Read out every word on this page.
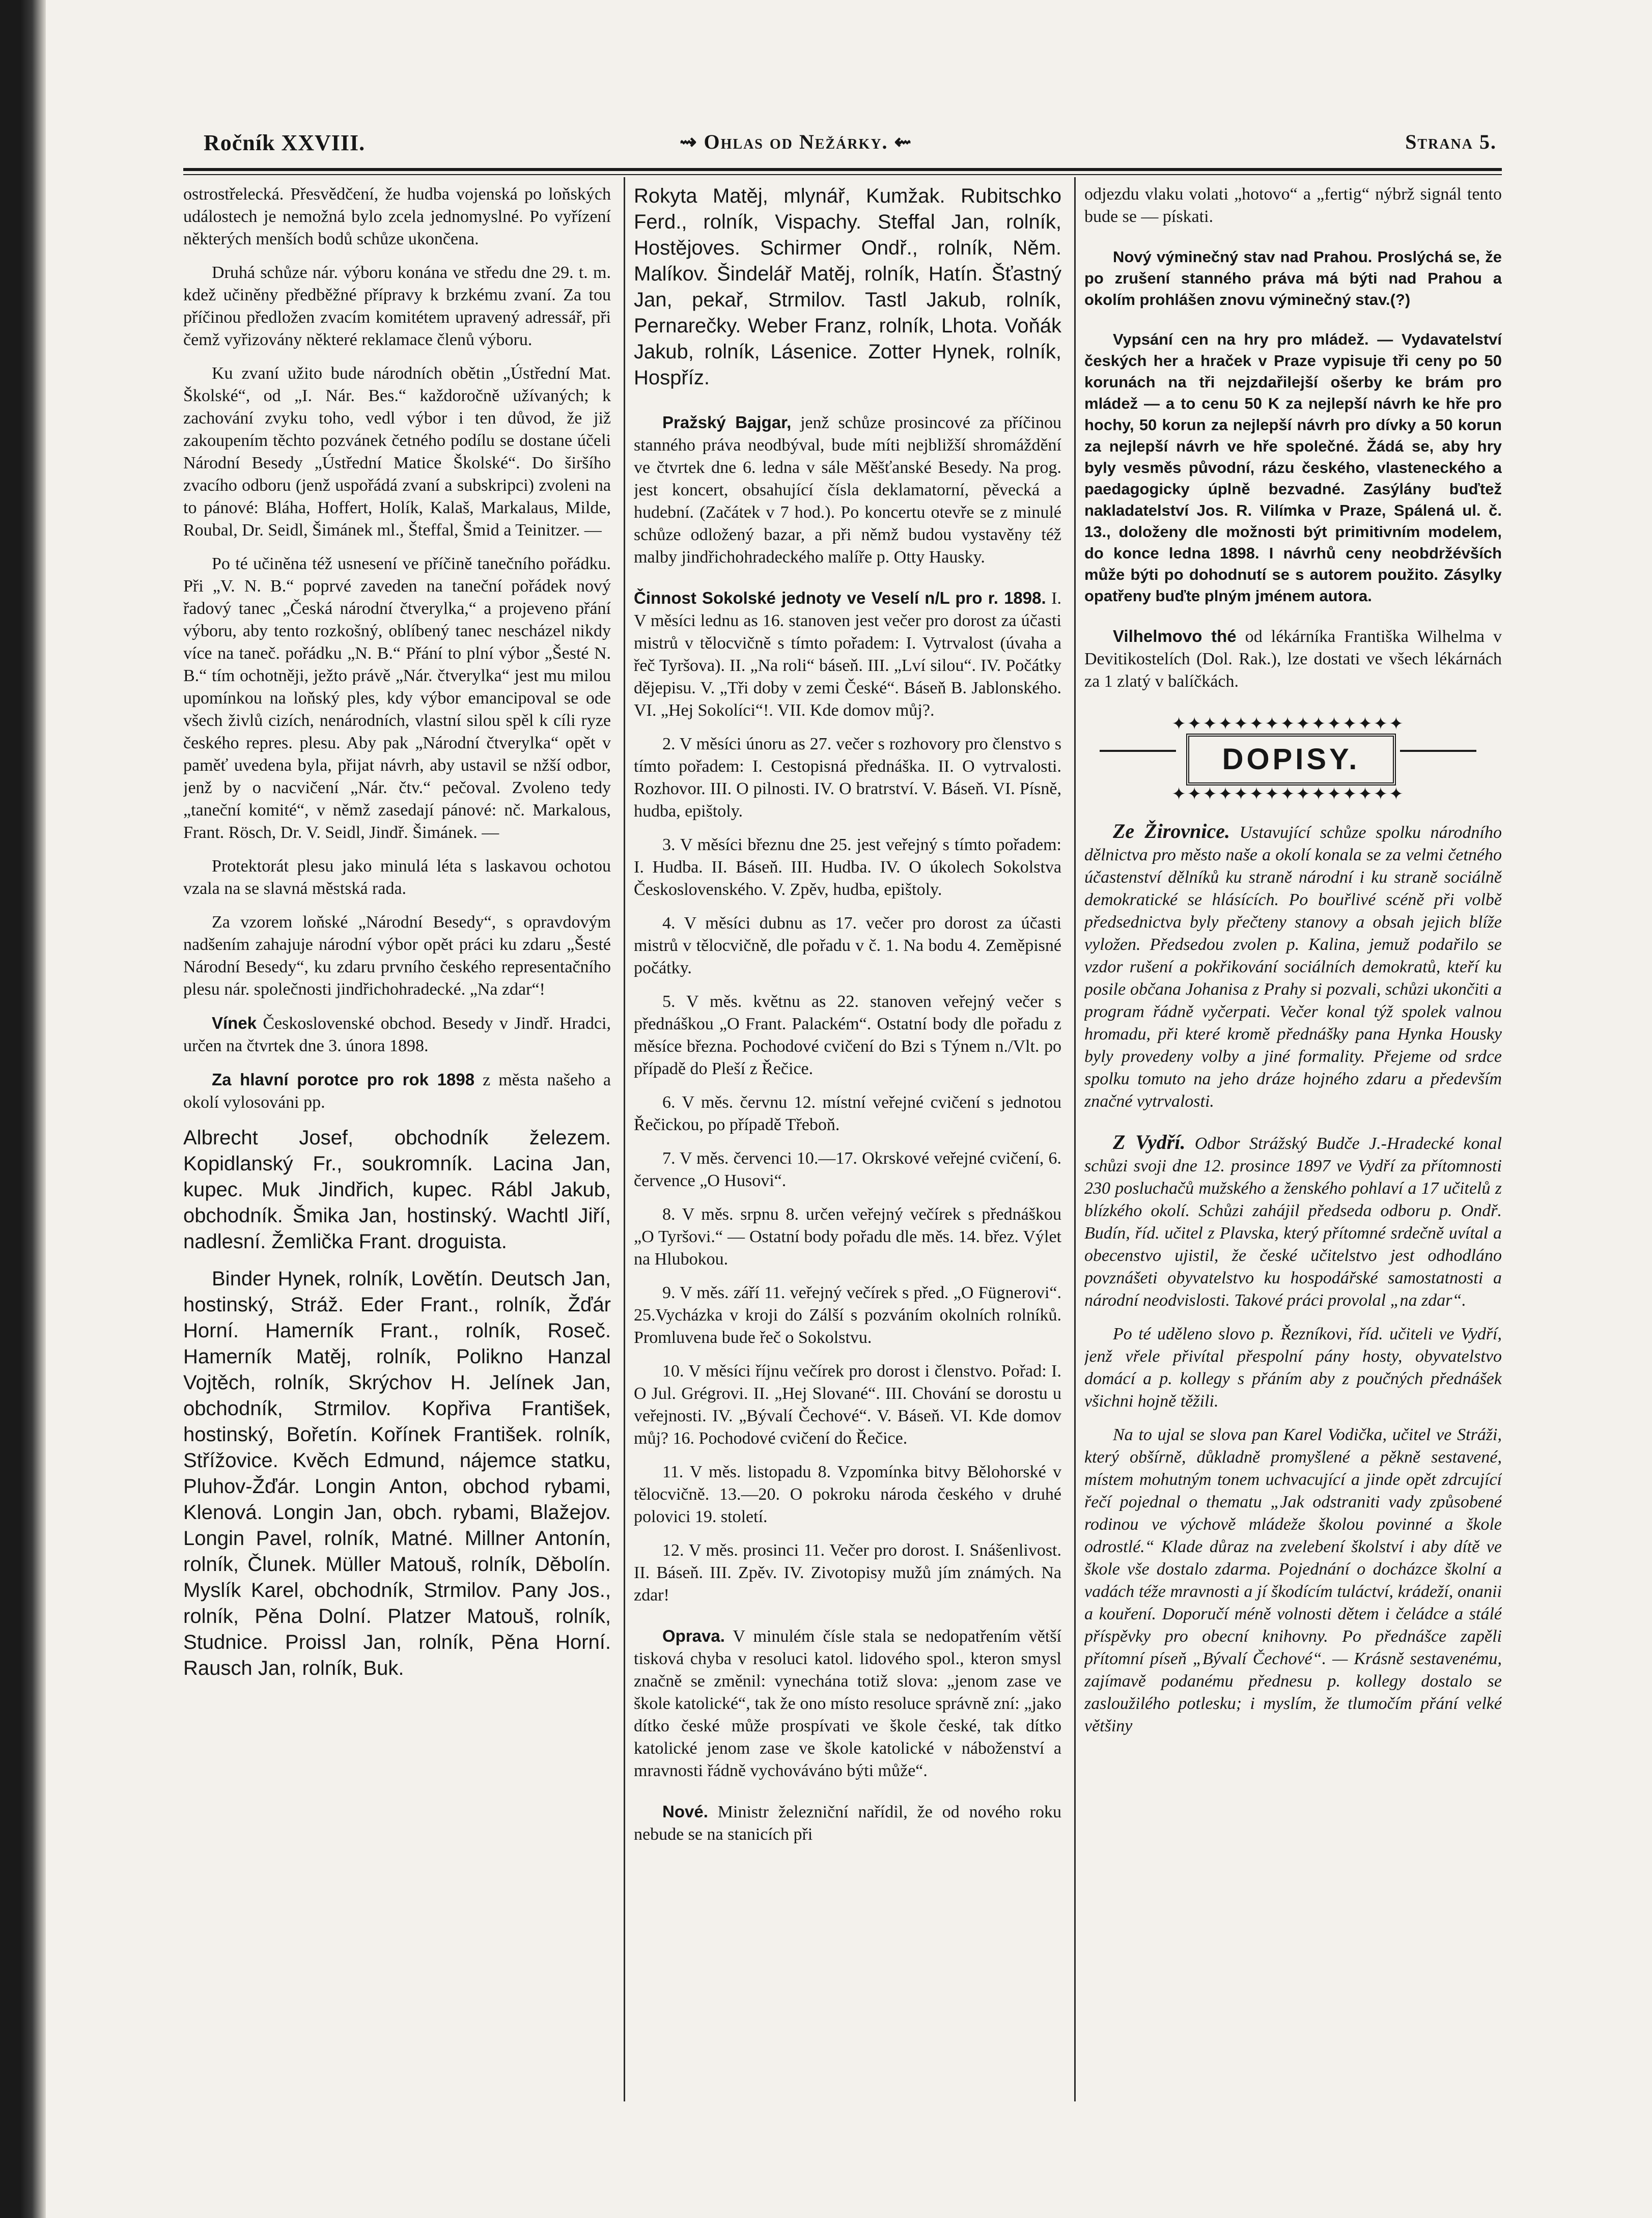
Ročník XXVIII.	⇝ Ohlas od Nežárky. ⇜	Strana 5.

ostrostřelecká. Přesvědčení, že hudba vojenská po loňských událostech je nemožná bylo zcela jednomyslné. Po vyřízení některých menších bodů schůze ukončena.

Druhá schůze nár. výboru konána ve středu dne 29. t. m. kdež učiněny předběžné přípravy k brzkému zvaní. Za tou příčinou předložen zvacím komitétem upravený adressář, při čemž vyřizovány některé reklamace členů výboru.

Ku zvaní užito bude národních obětin „Ústřední Mat. Školské“, od „I. Nár. Bes.“ každoročně užívaných; k zachování zvyku toho, vedl výbor i ten důvod, že již zakoupením těchto pozvánek četného podílu se dostane účeli Národní Besedy „Ústřední Matice Školské“. Do širšího zvacího odboru (jenž uspořádá zvaní a subskripci) zvoleni na to pánové: Bláha, Hoffert, Holík, Kalaš, Markalaus, Milde, Roubal, Dr. Seidl, Šimánek ml., Šteffal, Šmid a Teinitzer. —

Po té učiněna též usnesení ve příčině tanečního pořádku. Při „V. N. B.“ poprvé zaveden na taneční pořádek nový řadový tanec „Česká národní čtverylka,“ a projeveno přání výboru, aby tento rozkošný, oblíbený tanec nescházel nikdy více na taneč. pořádku „N. B.“ Přání to plní výbor „Šesté N. B.“ tím ochotněji, ježto právě „Nár. čtverylka“ jest mu milou upomínkou na loňský ples, kdy výbor emancipoval se ode všech živlů cizích, nenárodních, vlastní silou spěl k cíli ryze českého repres. plesu. Aby pak „Národní čtverylka“ opět v paměť uvedena byla, přijat návrh, aby ustavil se nžší odbor, jenž by o nacvičení „Nár. čtv.“ pečoval. Zvoleno tedy „taneční komité“, v němž zasedají pánové: nč. Markalous, Frant. Rösch, Dr. V. Seidl, Jindř. Šimánek. —

Protektorát plesu jako minulá léta s laskavou ochotou vzala na se slavná městská rada.

Za vzorem loňské „Národní Besedy“, s opravdovým nadšením zahajuje národní výbor opět práci ku zdaru „Šesté Národní Besedy“, ku zdaru prvního českého representačního plesu nár. společnosti jindřichohradecké. „Na zdar“!

Vínek Československé obchod. Besedy v Jindř. Hradci, určen na čtvrtek dne 3. února 1898.

Za hlavní porotce pro rok 1898 z města našeho a okolí vylosováni pp.

Albrecht Josef, obchodník železem. Kopidlanský Fr., soukromník. Lacina Jan, kupec. Muk Jindřich, kupec. Rábl Jakub, obchodník. Šmika Jan, hostinský. Wachtl Jiří, nadlesní. Žemlička Frant. droguista.

Binder Hynek, rolník, Lovětín. Deutsch Jan, hostinský, Stráž. Eder Frant., rolník, Žďár Horní. Hamerník Frant., rolník, Roseč. Hamerník Matěj, rolník, Polikno Hanzal Vojtěch, rolník, Skrýchov H. Jelínek Jan, obchodník, Strmilov. Kopřiva František, hostinský, Bořetín. Kořínek František. rolník, Střížovice. Kvěch Edmund, nájemce statku, Pluhov-Žďár. Longin Anton, obchod rybami, Klenová. Longin Jan, obch. rybami, Blažejov. Longin Pavel, rolník, Matné. Millner Antonín, rolník, Člunek. Müller Matouš, rolník, Děbolín. Myslík Karel, obchodník, Strmilov. Pany Jos., rolník, Pěna Dolní. Platzer Matouš, rolník, Studnice. Proissl Jan, rolník, Pěna Horní. Rausch Jan, rolník, Buk.

Rokyta Matěj, mlynář, Kumžak. Rubitschko Ferd., rolník, Vispachy. Steffal Jan, rolník, Hostějoves. Schirmer Ondř., rolník, Něm. Malíkov. Šindelář Matěj, rolník, Hatín. Šťastný Jan, pekař, Strmilov. Tastl Jakub, rolník, Pernarečky. Weber Franz, rolník, Lhota. Voňák Jakub, rolník, Lásenice. Zotter Hynek, rolník, Hospříz.

Pražský Bajgar, jenž schůze prosincové za příčinou stanného práva neodbýval, bude míti nejbližší shromáždění ve čtvrtek dne 6. ledna v sále Měšťanské Besedy. Na prog. jest koncert, obsahující čísla deklamatorní, pěvecká a hudební. (Začátek v 7 hod.). Po koncertu otevře se z minulé schůze odložený bazar, a při němž budou vystavěny též malby jindřichohradeckého malíře p. Otty Hausky.

Činnost Sokolské jednoty ve Veselí n/L pro r. 1898. I. V měsíci lednu as 16. stanoven jest večer pro dorost za účasti mistrů v tělocvičně s tímto pořadem: I. Vytrvalost (úvaha a řeč Tyršova). II. „Na roli“ báseň. III. „Lví silou“. IV. Počátky dějepisu. V. „Tři doby v zemi České“. Báseň B. Jablonského. VI. „Hej Sokolíci“!. VII. Kde domov můj?.

2. V měsíci únoru as 27. večer s rozhovory pro členstvo s tímto pořadem: I. Cestopisná přednáška. II. O vytrvalosti. Rozhovor. III. O pilnosti. IV. O bratrství. V. Báseň. VI. Písně, hudba, epištoly.

3. V měsíci březnu dne 25. jest veřejný s tímto pořadem: I. Hudba. II. Báseň. III. Hudba. IV. O úkolech Sokolstva Československého. V. Zpěv, hudba, epištoly.

4. V měsíci dubnu as 17. večer pro dorost za účasti mistrů v tělocvičně, dle pořadu v č. 1. Na bodu 4. Zeměpisné počátky.

5. V měs. květnu as 22. stanoven veřejný večer s přednáškou „O Frant. Palackém“. Ostatní body dle pořadu z měsíce března. Pochodové cvičení do Bzi s Týnem n./Vlt. po případě do Pleší z Řečice.

6. V měs. červnu 12. místní veřejné cvičení s jednotou Řečickou, po případě Třeboň.

7. V měs. červenci 10.—17. Okrskové veřejné cvičení, 6. července „O Husovi“.

8. V měs. srpnu 8. určen veřejný večírek s přednáškou „O Tyršovi.“ — Ostatní body pořadu dle měs. 14. břez. Výlet na Hlubokou.

9. V měs. září 11. veřejný večírek s před. „O Fügnerovi“. 25.Vycházka v kroji do Zálší s pozváním okolních rolníků. Promluvena bude řeč o Sokolstvu.

10. V měsíci říjnu večírek pro dorost i členstvo. Pořad: I. O Jul. Grégrovi. II. „Hej Slované“. III. Chování se dorostu u veřejnosti. IV. „Bývalí Čechové“. V. Báseň. VI. Kde domov můj? 16. Pochodové cvičení do Řečice.

11. V měs. listopadu 8. Vzpomínka bitvy Bělohorské v tělocvičně. 13.—20. O pokroku národa českého v druhé polovici 19. století.

12. V měs. prosinci 11. Večer pro dorost. I. Snášenlivost. II. Báseň. III. Zpěv. IV. Zivotopisy mužů jím známých. Na zdar!

Oprava. V minulém čísle stala se nedopatřením větší tisková chyba v resoluci katol. lidového spol., kteron smysl značně se změnil: vynechána totiž slova: „jenom zase ve škole katolické“, tak že ono místo resoluce správně zní: „jako dítko české může prospívati ve škole české, tak dítko katolické jenom zase ve škole katolické v náboženství a mravnosti řádně vychováváno býti může“.

Nové. Ministr železniční nařídil, že od nového roku nebude se na stanicích při

odjezdu vlaku volati „hotovo“ a „fertig“ nýbrž signál tento bude se — pískati.

Nový výminečný stav nad Prahou. Proslýchá se, že po zrušení stanného práva má býti nad Prahou a okolím prohlášen znovu výminečný stav.(?)

Vypsání cen na hry pro mládež. — Vydavatelství českých her a hraček v Praze vypisuje tři ceny po 50 korunách na tři nejzdařilejší ošerby ke brám pro mládež — a to cenu 50 K za nejlepší návrh ke hře pro hochy, 50 korun za nejlepší návrh pro dívky a 50 korun za nejlepší návrh ve hře společné. Žádá se, aby hry byly vesměs původní, rázu českého, vlasteneckého a paedagogicky úplně bezvadné. Zasýlány buďtež nakladatelství Jos. R. Vilímka v Praze, Spálená ul. č. 13., doloženy dle možnosti být primitivním modelem, do konce ledna 1898. I návrhů ceny neobdržévších může býti po dohodnutí se s autorem použito. Zásylky opatřeny buďte plným jménem autora.

Vilhelmovo thé od lékárníka Františka Wilhelma v Devitikostelích (Dol. Rak.), lze dostati ve všech lékárnách za 1 zlatý v balíčkách.

✦✦✦✦✦✦✦✦✦✦✦✦✦✦✦
DOPISY.
✦✦✦✦✦✦✦✦✦✦✦✦✦✦✦

Ze Žirovnice. Ustavující schůze spolku národního dělnictva pro město naše a okolí konala se za velmi četného účastenství dělníků ku straně národní i ku straně sociálně demokratické se hlásících. Po bouřlivé scéně při volbě předsednictva byly přečteny stanovy a obsah jejich blíže vyložen. Předsedou zvolen p. Kalina, jemuž podařilo se vzdor rušení a pokřikování sociálních demokratů, kteří ku posile občana Johanisa z Prahy si pozvali, schůzi ukončiti a program řádně vyčerpati. Večer konal týž spolek valnou hromadu, při které kromě přednášky pana Hynka Housky byly provedeny volby a jiné formality. Přejeme od srdce spolku tomuto na jeho dráze hojného zdaru a především značné vytrvalosti.

Z Vydří. Odbor Strážský Budče J.-Hradecké konal schůzi svoji dne 12. prosince 1897 ve Vydří za přítomnosti 230 posluchačů mužského a ženského pohlaví a 17 učitelů z blízkého okolí. Schůzi zahájil předseda odboru p. Ondř. Budín, říd. učitel z Plavska, který přítomné srdečně uvítal a obecenstvo ujistil, že české učitelstvo jest odhodláno povznášeti obyvatelstvo ku hospodářské samostatnosti a národní neodvislosti. Takové práci provolal „na zdar“.

Po té uděleno slovo p. Řezníkovi, říd. učiteli ve Vydří, jenž vřele přivítal přespolní pány hosty, obyvatelstvo domácí a p. kollegy s přáním aby z poučných přednášek všichni hojně těžili.

Na to ujal se slova pan Karel Vodička, učitel ve Stráži, který obšírně, důkladně promyšlené a pěkně sestavené, místem mohutným tonem uchvacující a jinde opět zdrcující řečí pojednal o thematu „Jak odstraniti vady způsobené rodinou ve výchově mládeže školou povinné a škole odrostlé.“ Klade důraz na zvelebení školství i aby dítě ve škole vše dostalo zdarma. Pojednání o docházce školní a vadách téže mravnosti a jí škodícím tuláctví, krádeží, onanii a kouření. Doporučí méně volnosti dětem i čeládce a stálé příspěvky pro obecní knihovny. Po přednášce zapěli přítomní píseň „Bývalí Čechové“. — Krásně sestavenému, zajímavě podanému přednesu p. kollegy dostalo se zasloužilého potlesku; i myslím, že tlumočím přání velké většiny
